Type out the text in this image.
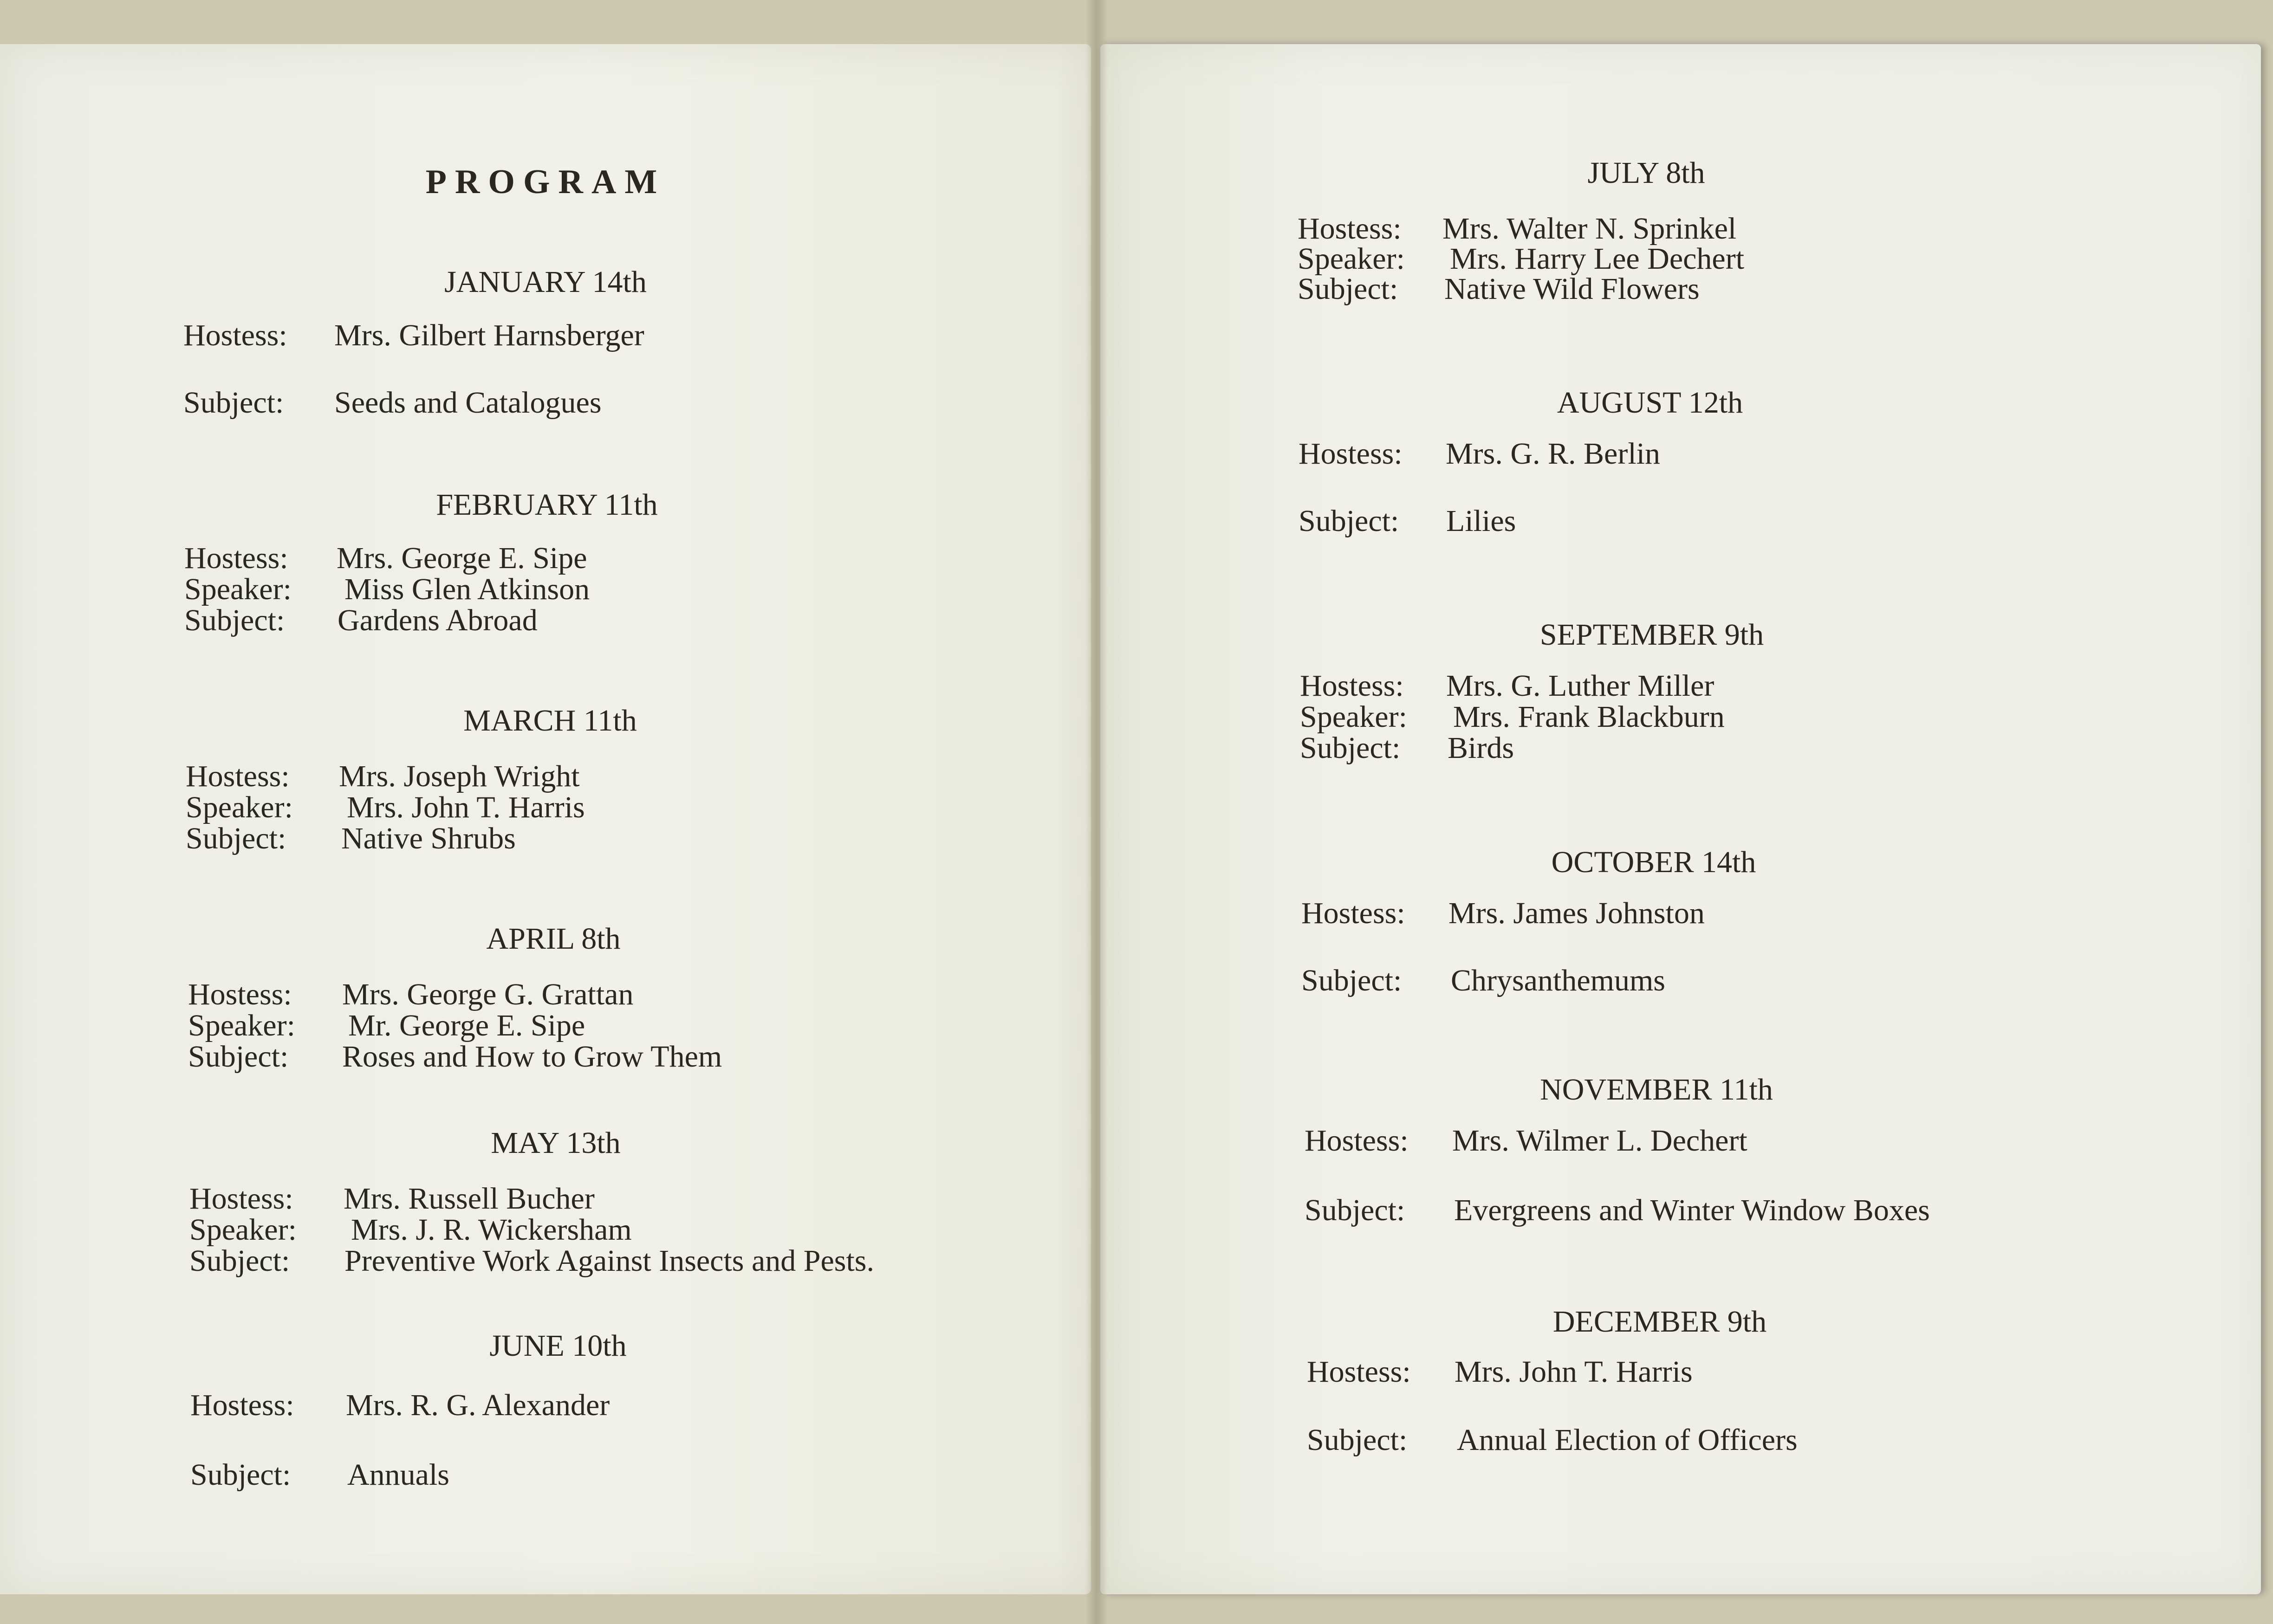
PROGRAM
JANUARY 14th
Hostess: Mrs. Gilbert Harnsberger
Subject: Seeds and Catalogues
FEBRUARY 11th
Hostess: Mrs. George E. Sipe
Speaker: Miss Glen Atkinson
Subject: Gardens Abroad
MARCH 11th
Hostess: Mrs. Joseph Wright
Speaker: Mrs. John T. Harris
Subject: Native Shrubs
APRIL 8th
Hostess: Mrs. George G. Grattan
Speaker: Mr. George E. Sipe
Subject: Roses and How to Grow Them
MAY 13th
Hostess: Mrs. Russell Bucher
Speaker: Mrs. J. R. Wickersham
Subject: Preventive Work Against Insects and Pests.
JUNE 10th
Hostess: Mrs. R. G. Alexander
Subject: Annuals
JULY 8th
Hostess: Mrs. Walter N. Sprinkel
Speaker: Mrs. Harry Lee Dechert
Subject: Native Wild Flowers
AUGUST 12th
Hostess: Mrs. G. R. Berlin
Subject: Lilies
SEPTEMBER 9th
Hostess: Mrs. G. Luther Miller
Speaker: Mrs. Frank Blackburn
Subject: Birds
OCTOBER 14th
Hostess: Mrs. James Johnston
Subject: Chrysanthemums
NOVEMBER 11th
Hostess: Mrs. Wilmer L. Dechert
Subject: Evergreens and Winter Window Boxes
DECEMBER 9th
Hostess: Mrs. John T. Harris
Subject: Annual Election of Officers
